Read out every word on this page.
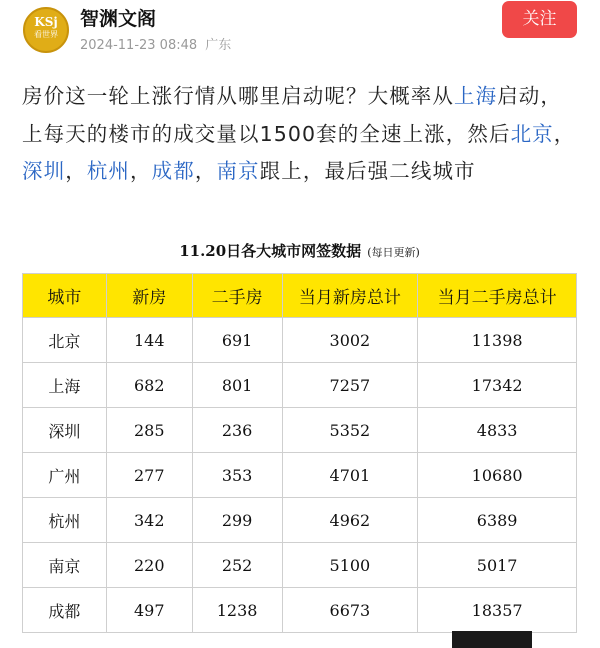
KSj
看世界
智渊文阁
2024-11-23 08:48 广东
关注
房价这一轮上涨行情从哪里启动呢？大概率从上海启动，上每天的楼市的成交量以1500套的全速上涨，然后北京，深圳，杭州，成都，南京跟上，最后强二线城市
11.20日各大城市网签数据 (每日更新)
城市	新房	二手房	当月新房总计	当月二手房总计
北京	144	691	3002	11398
上海	682	801	7257	17342
深圳	285	236	5352	4833
广州	277	353	4701	10680
杭州	342	299	4962	6389
南京	220	252	5100	5017
成都	497	1238	6673	18357
